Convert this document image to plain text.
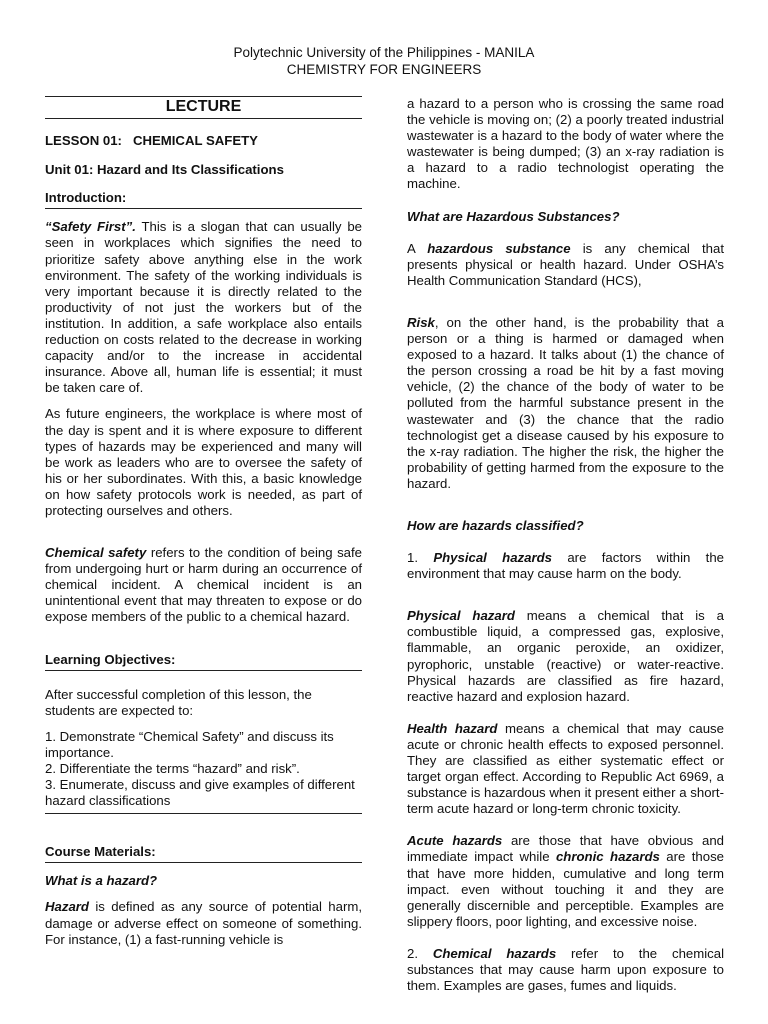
Polytechnic University of the Philippines - MANILA
CHEMISTRY FOR ENGINEERS
LECTURE
LESSON 01:   CHEMICAL SAFETY
Unit 01: Hazard and Its Classifications
Introduction:

“Safety First”. This is a slogan that can usually be seen in workplaces which signifies the need to prioritize safety above anything else in the work environment. The safety of the working individuals is very important because it is directly related to the productivity of not just the workers but of the institution. In addition, a safe workplace also entails reduction on costs related to the decrease in working capacity and/or to the increase in accidental insurance. Above all, human life is essential; it must be taken care of.

As future engineers, the workplace is where most of the day is spent and it is where exposure to different types of hazards may be experienced and many will be work as leaders who are to oversee the safety of his or her subordinates. With this, a basic knowledge on how safety protocols work is needed, as part of protecting ourselves and others.

Chemical safety refers to the condition of being safe from undergoing hurt or harm during an occurrence of chemical incident. A chemical incident is an unintentional event that may threaten to expose or do expose members of the public to a chemical hazard.

Learning Objectives:

After successful completion of this lesson, the students are expected to:

1. Demonstrate “Chemical Safety” and discuss its importance.

2. Differentiate the terms “hazard” and risk”.

3. Enumerate, discuss and give examples of different hazard classifications

Course Materials:
What is a hazard?

Hazard is defined as any source of potential harm, damage or adverse effect on someone of something. For instance, (1) a fast-running vehicle is

a hazard to a person who is crossing the same road the vehicle is moving on; (2) a poorly treated industrial wastewater is a hazard to the body of water where the wastewater is being dumped; (3) an x-ray radiation is a hazard to a radio technologist operating the machine.

What are Hazardous Substances?

A hazardous substance is any chemical that presents physical or health hazard. Under OSHA’s Health Communication Standard (HCS),

Risk, on the other hand, is the probability that a person or a thing is harmed or damaged when exposed to a hazard. It talks about (1) the chance of the person crossing a road be hit by a fast moving vehicle, (2) the chance of the body of water to be polluted from the harmful substance present in the wastewater and (3) the chance that the radio technologist get a disease caused by his exposure to the x-ray radiation. The higher the risk, the higher the probability of getting harmed from the exposure to the hazard.

How are hazards classified?

1. Physical hazards are factors within the environment that may cause harm on the body.

Physical hazard means a chemical that is a combustible liquid, a compressed gas, explosive, flammable, an organic peroxide, an oxidizer, pyrophoric, unstable (reactive) or water-reactive. Physical hazards are classified as fire hazard, reactive hazard and explosion hazard.

Health hazard means a chemical that may cause acute or chronic health effects to exposed personnel. They are classified as either systematic effect or target organ effect. According to Republic Act 6969, a substance is hazardous when it present either a short-term acute hazard or long-term chronic toxicity.

Acute hazards are those that have obvious and immediate impact while chronic hazards are those that have more hidden, cumulative and long term impact. even without touching it and they are generally discernible and perceptible. Examples are slippery floors, poor lighting, and excessive noise.

2. Chemical hazards refer to the chemical substances that may cause harm upon exposure to them. Examples are gases, fumes and liquids.
